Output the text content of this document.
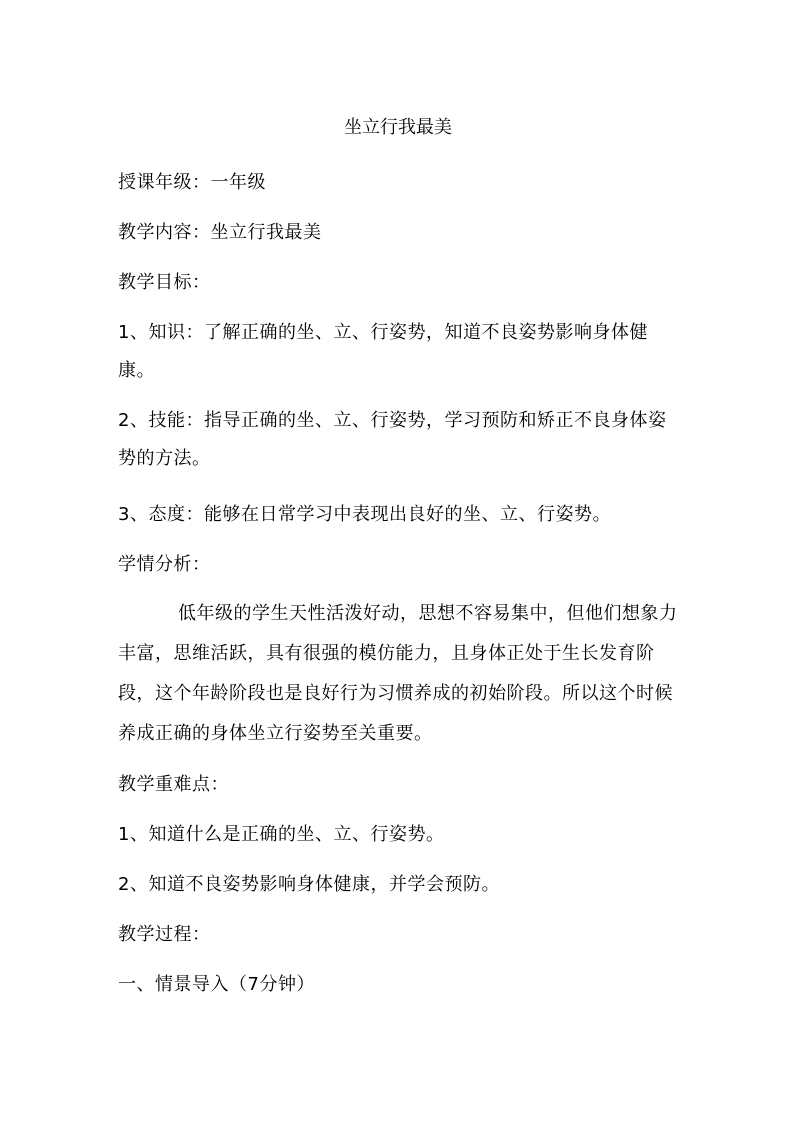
坐立行我最美

授课年级：一年级

教学内容：坐立行我最美

教学目标：

1、知识：了解正确的坐、立、行姿势，知道不良姿势影响身体健康。

2、技能：指导正确的坐、立、行姿势，学习预防和矫正不良身体姿势的方法。

3、态度：能够在日常学习中表现出良好的坐、立、行姿势。

学情分析：

低年级的学生天性活泼好动，思想不容易集中，但他们想象力丰富，思维活跃，具有很强的模仿能力，且身体正处于生长发育阶段，这个年龄阶段也是良好行为习惯养成的初始阶段。所以这个时候养成正确的身体坐立行姿势至关重要。

教学重难点：

1、知道什么是正确的坐、立、行姿势。

2、知道不良姿势影响身体健康，并学会预防。

教学过程：

一、情景导入（7分钟）
